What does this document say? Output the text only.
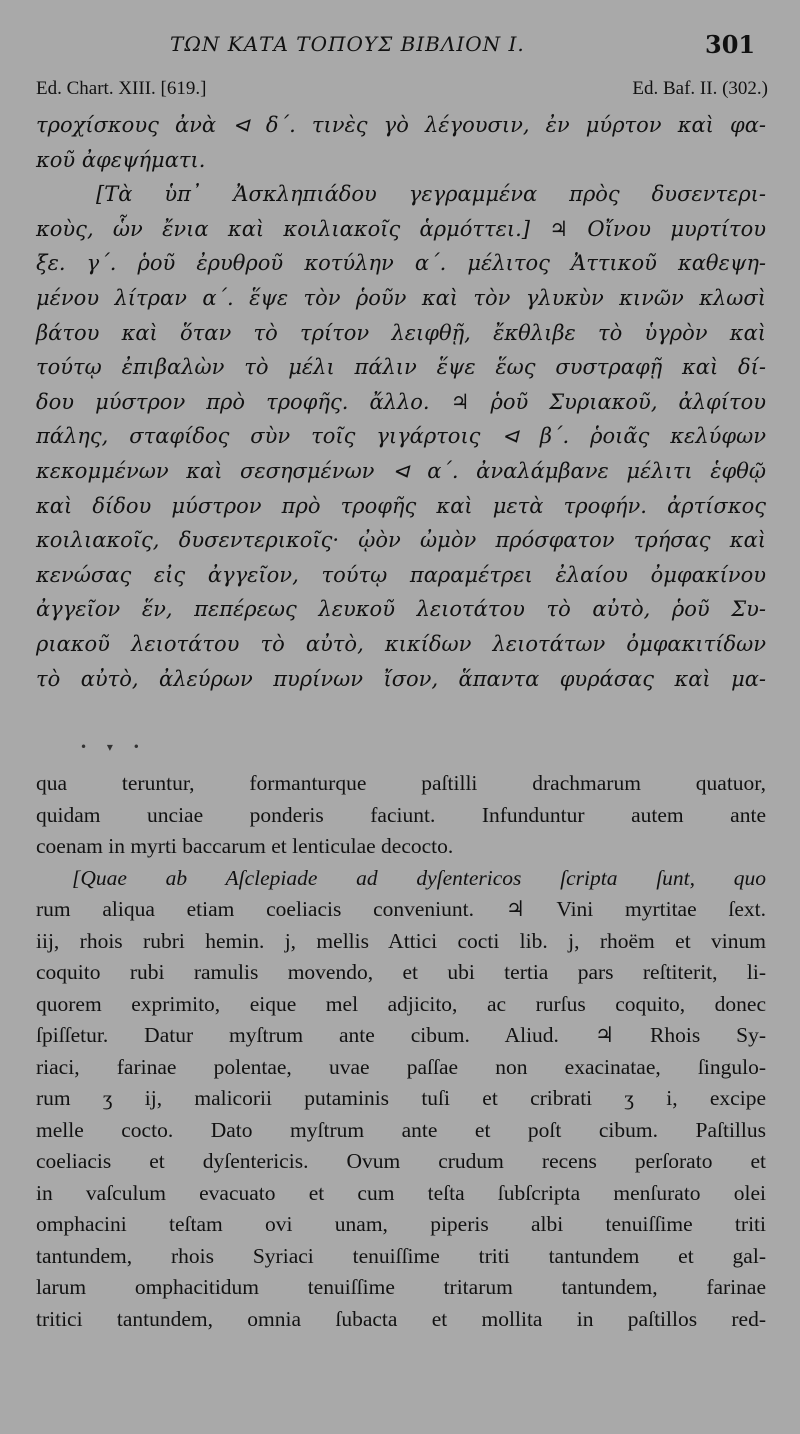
ΤΩΝ ΚΑΤΑ ΤΟΠΟΥΣ ΒΙΒΛΙΟΝ Ι.	301
Ed. Chart. XIII. [619.]	Ed. Baf. II. (302.)
τροχίσκους ἀνὰ ⊲ δ΄. τινὲς γὸ λέγουσιν, ἐν μύρτον καὶ φα-
κοῦ ἀφεψήματι.
[Τὰ ὑπ᾽ Ἀσκληπιάδου γεγραμμένα πρὸς δυσεντερι-
κοὺς, ὧν ἔνια καὶ κοιλιακοῖς ἁρμόττει.] ♃ Οἴνου μυρτίτου
ξε. γ΄. ῥοῦ ἐρυθροῦ κοτύλην α΄. μέλιτος Ἀττικοῦ καθεψη-
μένου λίτραν α΄. ἕψε τὸν ῥοῦν καὶ τὸν γλυκὺν κινῶν κλωσὶ
βάτου καὶ ὅταν τὸ τρίτον λειφθῇ, ἔκθλιβε τὸ ὑγρὸν καὶ
τούτῳ ἐπιβαλὼν τὸ μέλι πάλιν ἕψε ἕως συστραφῇ καὶ δί-
δου μύστρον πρὸ τροφῆς. ἄλλο. ♃ ῥοῦ Συριακοῦ, ἀλφίτου
πάλης, σταφίδος σὺν τοῖς γιγάρτοις ⊲ β΄. ῥοιᾶς κελύφων
κεκομμένων καὶ σεσησμένων ⊲ α΄. ἀναλάμβανε μέλιτι ἑφθῷ
καὶ δίδου μύστρον πρὸ τροφῆς καὶ μετὰ τροφήν. ἀρτίσκος
κοιλιακοῖς, δυσεντερικοῖς· ᾠὸν ὠμὸν πρόσφατον τρήσας καὶ
κενώσας εἰς ἀγγεῖον, τούτῳ παραμέτρει ἐλαίου ὀμφακίνου
ἀγγεῖον ἕν, πεπέρεως λευκοῦ λειοτάτου τὸ αὐτὸ, ῥοῦ Συ-
ριακοῦ λειοτάτου τὸ αὐτὸ, κικίδων λειοτάτων ὀμφακιτίδων
τὸ αὐτὸ, ἀλεύρων πυρίνων ἴσον, ἅπαντα φυράσας καὶ μα-
• ▾ •
qua teruntur, formanturque paſtilli drachmarum quatuor,
quidam unciae ponderis faciunt. Infunduntur autem ante
coenam in myrti baccarum et lenticulae decocto.
[Quae ab Aſclepiade ad dyſentericos ſcripta ſunt, quo
rum aliqua etiam coeliacis conveniunt. ♃ Vini myrtitae ſext.
iij, rhois rubri hemin. j, mellis Attici cocti lib. j, rhoëm et vinum
coquito rubi ramulis movendo, et ubi tertia pars reſtiterit, li-
quorem exprimito, eique mel adjicito, ac rurſus coquito, donec
ſpiſſetur. Datur myſtrum ante cibum. Aliud. ♃ Rhois Sy-
riaci, farinae polentae, uvae paſſae non exacinatae, ſingulo-
rum ʒ ij, malicorii putaminis tuſi et cribrati ʒ i, excipe
melle cocto. Dato myſtrum ante et poſt cibum. Paſtillus
coeliacis et dyſentericis. Ovum crudum recens perſorato et
in vaſculum evacuato et cum teſta ſubſcripta menſurato olei
omphacini teſtam ovi unam, piperis albi tenuiſſime triti
tantundem, rhois Syriaci tenuiſſime triti tantundem et gal-
larum omphacitidum tenuiſſime tritarum tantundem, farinae
tritici tantundem, omnia ſubacta et mollita in paſtillos red-
